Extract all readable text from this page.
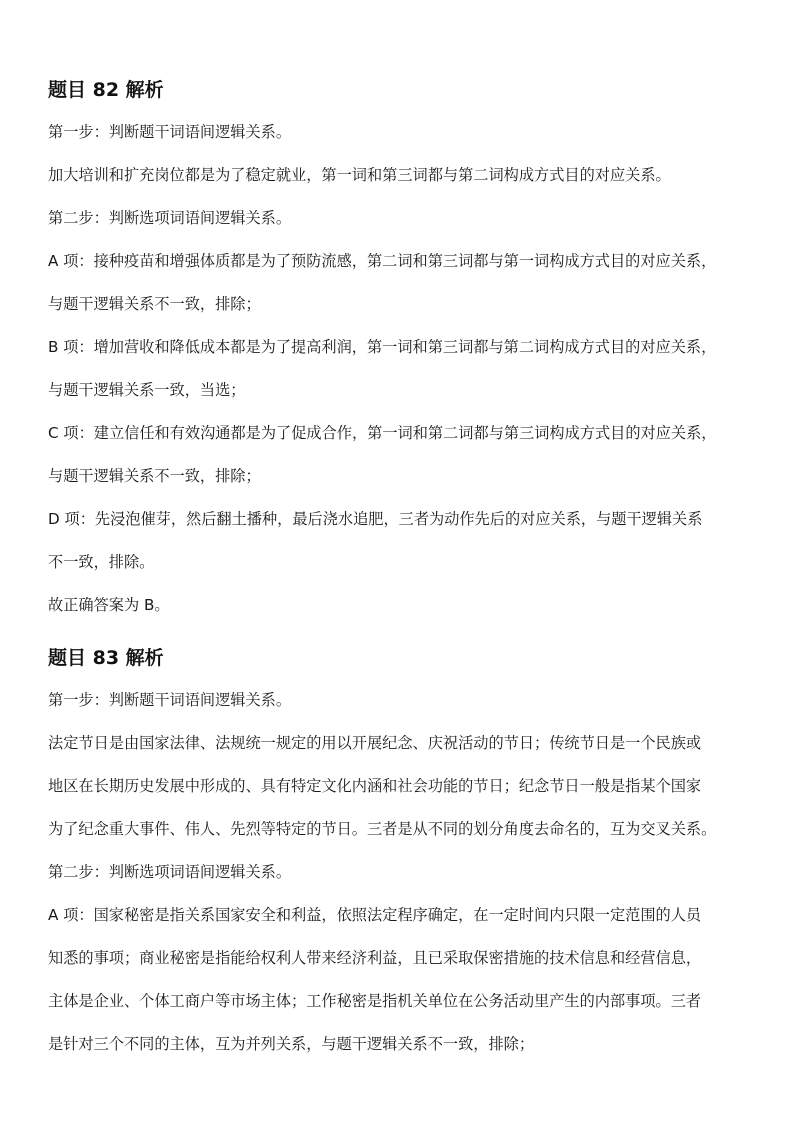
题目 82 解析

第一步：判断题干词语间逻辑关系。

加大培训和扩充岗位都是为了稳定就业，第一词和第三词都与第二词构成方式目的对应关系。

第二步：判断选项词语间逻辑关系。

A 项：接种疫苗和增强体质都是为了预防流感，第二词和第三词都与第一词构成方式目的对应关系，

与题干逻辑关系不一致，排除；

B 项：增加营收和降低成本都是为了提高利润，第一词和第三词都与第二词构成方式目的对应关系，

与题干逻辑关系一致，当选；

C 项：建立信任和有效沟通都是为了促成合作，第一词和第二词都与第三词构成方式目的对应关系，

与题干逻辑关系不一致，排除；

D 项：先浸泡催芽，然后翻土播种，最后浇水追肥，三者为动作先后的对应关系，与题干逻辑关系

不一致，排除。

故正确答案为 B。

题目 83 解析

第一步：判断题干词语间逻辑关系。

法定节日是由国家法律、法规统一规定的用以开展纪念、庆祝活动的节日；传统节日是一个民族或

地区在长期历史发展中形成的、具有特定文化内涵和社会功能的节日；纪念节日一般是指某个国家

为了纪念重大事件、伟人、先烈等特定的节日。三者是从不同的划分角度去命名的，互为交叉关系。

第二步：判断选项词语间逻辑关系。

A 项：国家秘密是指关系国家安全和利益，依照法定程序确定，在一定时间内只限一定范围的人员

知悉的事项；商业秘密是指能给权利人带来经济利益，且已采取保密措施的技术信息和经营信息，

主体是企业、个体工商户等市场主体；工作秘密是指机关单位在公务活动里产生的内部事项。三者

是针对三个不同的主体，互为并列关系，与题干逻辑关系不一致，排除；
